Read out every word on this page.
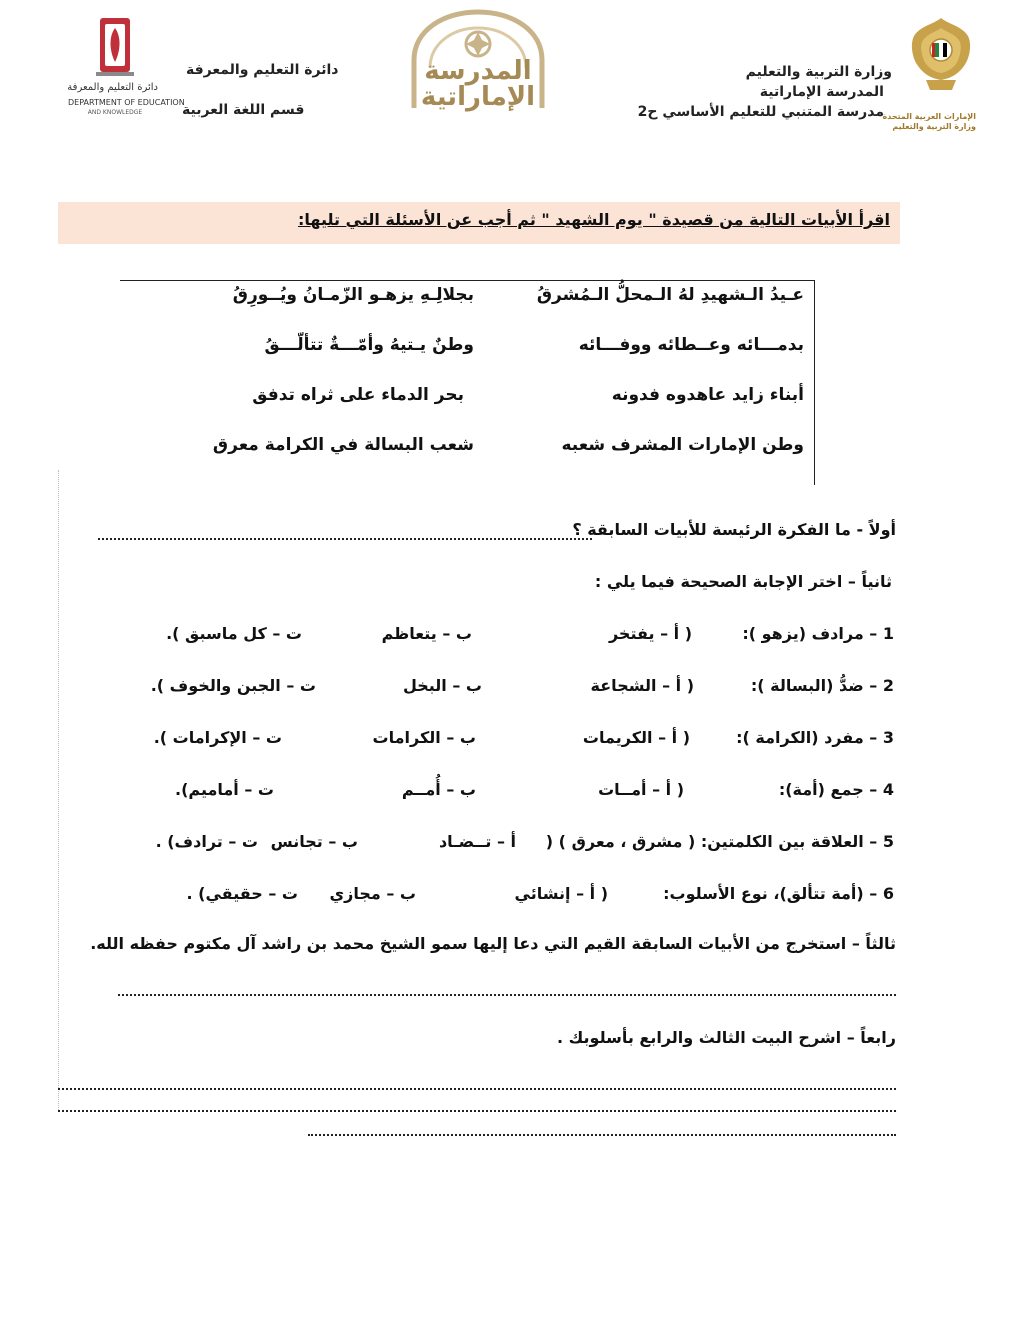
الإمارات العربية المتحدة
وزارة التربية والتعليم
وزارة التربية والتعليم
المدرسة الإماراتية
مدرسة المتنبي للتعليم الأساسي ح2
المدرسة
الإماراتية
دائرة التعليم والمعرفة
قسم اللغة العربية
دائرة التعليم والمعرفة
DEPARTMENT OF EDUCATION
AND KNOWLEDGE
اقرأ الأبيات التالية من قصيدة " يوم الشهيد " ثم أجب عن الأسئلة التي تليها:
عـيدُ الـشهيدِ لهُ الـمحلُّ الـمُشرقُ
بجلالِـهِ يزهـو الزّمـانُ ويُــورِقُ
بدمـــائه وعــطائه ووفـــائه
وطنٌ يـتيهُ وأمّـــةٌ تتألّـــقُ
أبناء زايد عاهدوه فدونه
بحر الدماء على ثراه تدفق
وطن الإمارات المشرف شعبه
شعب البسالة في الكرامة معرق
أولاً - ما الفكرة الرئيسة للأبيات السابقة ؟
ثانياً – اختر الإجابة الصحيحة فيما يلي :
1 – مرادف (يزهو ):
( أ – يفتخر
ب – يتعاظم
ت – كل ماسبق ).
2 – ضدُّ (البسالة ):
( أ – الشجاعة
ب – البخل
ت – الجبن والخوف ).
3 – مفرد (الكرامة ):
( أ – الكريمات
ب – الكرامات
ت – الإكرامات ).
4 – جمع (أمة):
( أ – أمــات
ب – أُمــم
ت – أماميم).
5 – العلاقة بين الكلمتين: ( مشرق ، معرق ) (
أ – تــضـاد
ب – تجانس
ت – ترادف) .
6 – (أمة تتألق)، نوع الأسلوب:
( أ – إنشائي
ب – مجازي
ت – حقيقي) .
ثالثاً – استخرج من الأبيات السابقة القيم التي دعا إليها سمو الشيخ محمد بن راشد آل مكتوم حفظه الله.
رابعاً – اشرح البيت الثالث والرابع بأسلوبك .
